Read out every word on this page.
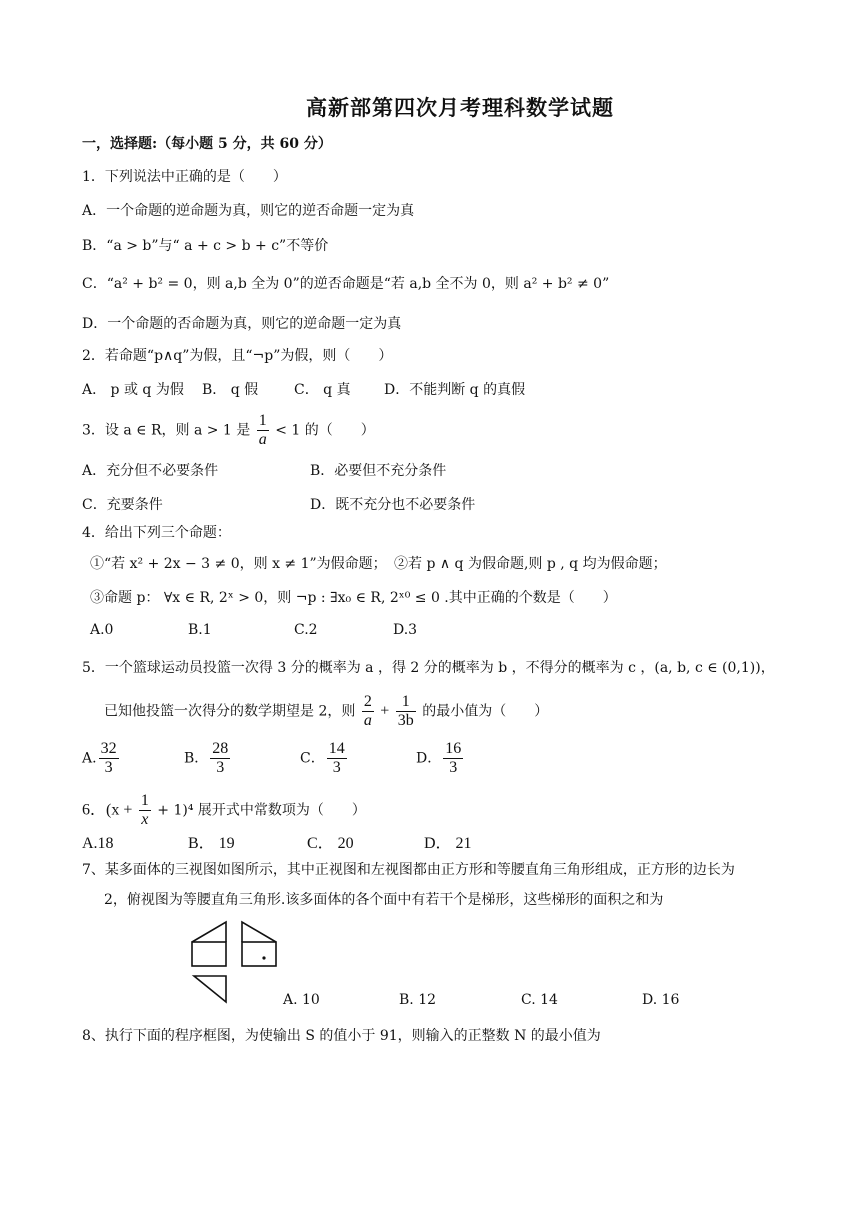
高新部第四次月考理科数学试题
一，选择题:（每小题 5 分，共 60 分）
1．下列说法中正确的是（　　）
A．一个命题的逆命题为真，则它的逆否命题一定为真
B．“a > b”与“ a + c > b + c”不等价
C．“a² + b² = 0，则 a,b 全为 0”的逆否命题是“若 a,b 全不为 0，则 a² + b² ≠ 0”
D．一个命题的否命题为真，则它的逆命题一定为真
2．若命题“p∧q”为假，且“¬p”为假，则（　　）
A． p 或 q 为假 B． q 假	C． q 真 D．不能判断 q 的真假
3．设 a ∈ R，则 a > 1 是 $\frac{1}{a} < 1$ 的（　　）
A．充分但不必要条件	B．必要但不充分条件
C．充要条件	D．既不充分也不必要条件
4．给出下列三个命题：
①“若 x² + 2x − 3 ≠ 0，则 x ≠ 1”为假命题； ②若 p ∧ q 为假命题,则 p , q 均为假命题；
③命题 p： ∀x ∈ R, 2ˣ > 0，则 ¬p : ∃x₀ ∈ R, 2ˣ⁰ ≤ 0 .其中正确的个数是（　　）
A.0	B.1	C.2	D.3
5．一个篮球运动员投篮一次得 3 分的概率为 a ，得 2 分的概率为 b ，不得分的概率为 c ，(a, b, c ∈ (0,1))，
已知他投篮一次得分的数学期望是 2，则 $\frac{2}{a} + \frac{1}{3b}$ 的最小值为（　　）
A. $\frac{32}{3}$	B． $\frac{28}{3}$	C． $\frac{14}{3}$	D． $\frac{16}{3}$
6．$(x + \frac{1}{x} + 1)^4$ 展开式中常数项为（　　）
A.18	B． 19	C． 20	D． 21
7、某多面体的三视图如图所示，其中正视图和左视图都由正方形和等腰直角三角形组成，正方形的边长为
2，俯视图为等腰直角三角形.该多面体的各个面中有若干个是梯形，这些梯形的面积之和为
A. 10	B. 12	C. 14	D. 16
8、执行下面的程序框图，为使输出 S 的值小于 91，则输入的正整数 N 的最小值为
